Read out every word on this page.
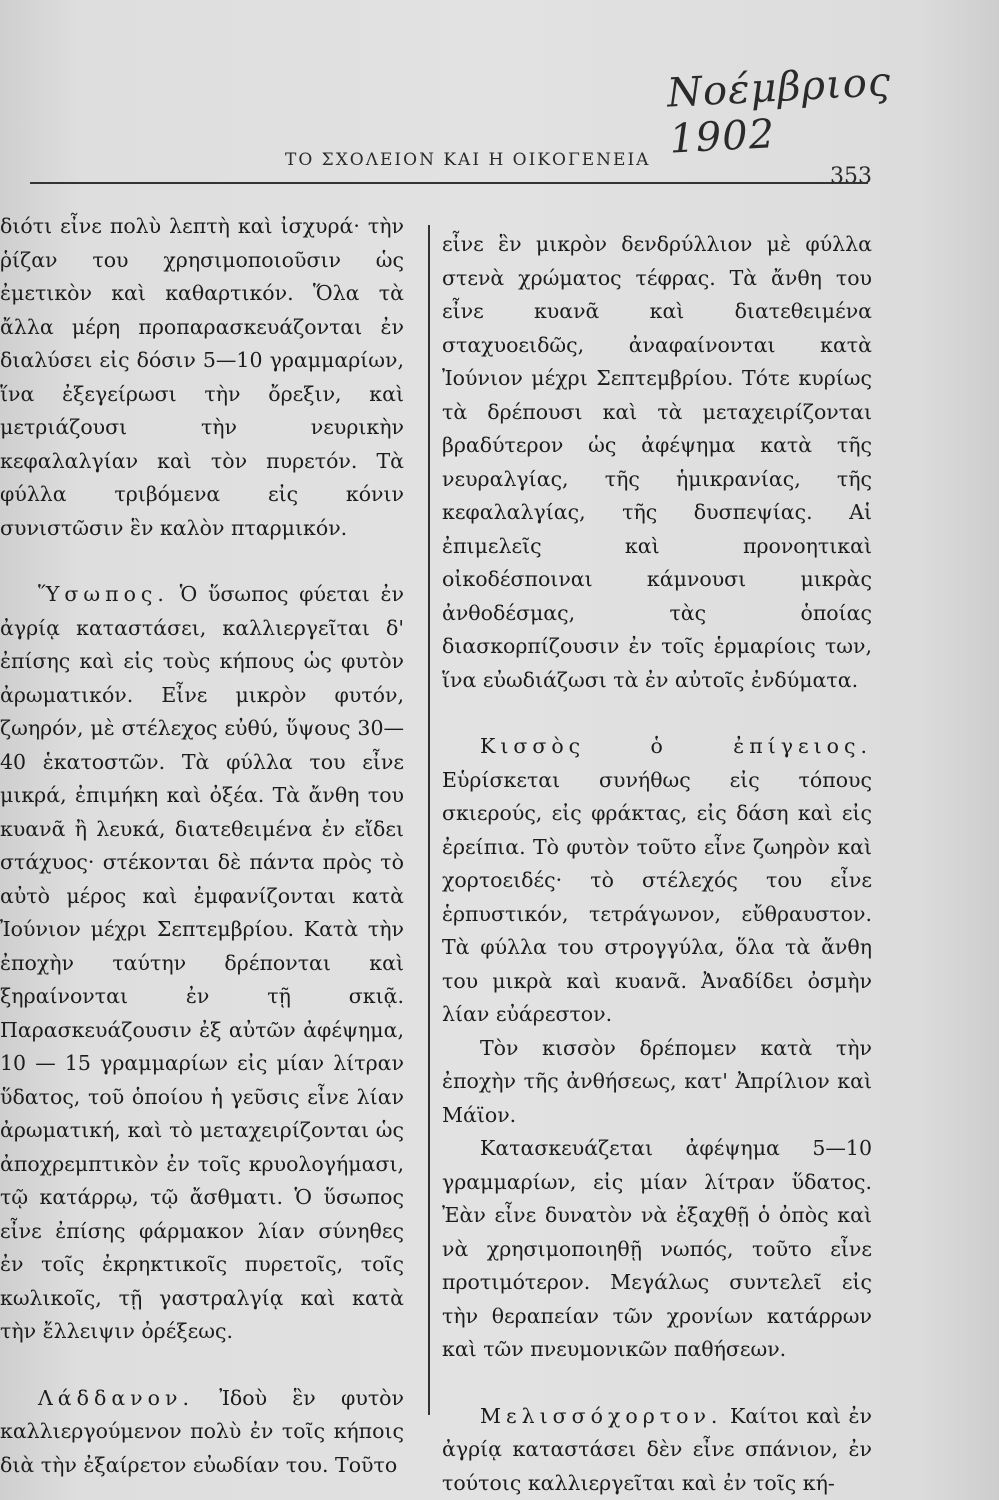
Νοέμβριος 1902
ΤΟ ΣΧΟΛΕΙΟΝ ΚΑΙ Η ΟΙΚΟΓΕΝΕΙΑ
353

διότι εἶνε πολὺ λεπτὴ καὶ ἰσχυρά· τὴν ῥίζαν του χρησιμοποιοῦσιν ὡς ἐμετικὸν καὶ καθαρτικόν. Ὅλα τὰ ἄλλα μέρη προπαρασκευάζονται ἐν διαλύσει εἰς δόσιν 5—10 γραμμαρίων, ἵνα ἐξεγείρωσι τὴν ὄρεξιν, καὶ μετριάζουσι τὴν νευρικὴν κεφαλαλγίαν καὶ τὸν πυρετόν. Τὰ φύλλα τριβόμενα εἰς κόνιν συνιστῶσιν ἓν καλὸν πταρμικόν.

Ὕσωπος. Ὁ ὕσωπος φύεται ἐν ἀγρίᾳ καταστάσει, καλλιεργεῖται δ' ἐπίσης καὶ εἰς τοὺς κήπους ὡς φυτὸν ἀρωματικόν. Εἶνε μικρὸν φυτόν, ζωηρόν, μὲ στέλεχος εὐθύ, ὕψους 30—40 ἑκατοστῶν. Τὰ φύλλα του εἶνε μικρά, ἐπιμήκη καὶ ὀξέα. Τὰ ἄνθη του κυανᾶ ἢ λευκά, διατεθειμένα ἐν εἴδει στάχυος· στέκονται δὲ πάντα πρὸς τὸ αὐτὸ μέρος καὶ ἐμφανίζονται κατὰ Ἰούνιον μέχρι Σεπτεμβρίου. Κατὰ τὴν ἐποχὴν ταύτην δρέπονται καὶ ξηραίνονται ἐν τῇ σκιᾷ. Παρασκευάζουσιν ἐξ αὐτῶν ἀφέψημα, 10 — 15 γραμμαρίων εἰς μίαν λίτραν ὕδατος, τοῦ ὁποίου ἡ γεῦσις εἶνε λίαν ἀρωματική, καὶ τὸ μεταχειρίζονται ὡς ἀποχρεμπτικὸν ἐν τοῖς κρυολογήμασι, τῷ κατάρρῳ, τῷ ἄσθματι. Ὁ ὕσωπος εἶνε ἐπίσης φάρμακον λίαν σύνηθες ἐν τοῖς ἐκρηκτικοῖς πυρετοῖς, τοῖς κωλικοῖς, τῇ γαστραλγίᾳ καὶ κατὰ τὴν ἔλλειψιν ὀρέξεως.

Λάδδανον. Ἰδοὺ ἓν φυτὸν καλλιεργούμενον πολὺ ἐν τοῖς κήποις διὰ τὴν ἐξαίρετον εὐωδίαν του. Τοῦτο

εἶνε ἓν μικρὸν δενδρύλλιον μὲ φύλλα στενὰ χρώματος τέφρας. Τὰ ἄνθη του εἶνε κυανᾶ καὶ διατεθειμένα σταχυοειδῶς, ἀναφαίνονται κατὰ Ἰούνιον μέχρι Σεπτεμβρίου. Τότε κυρίως τὰ δρέπουσι καὶ τὰ μεταχειρίζονται βραδύτερον ὡς ἀφέψημα κατὰ τῆς νευραλγίας, τῆς ἡμικρανίας, τῆς κεφαλαλγίας, τῆς δυσπεψίας. Αἱ ἐπιμελεῖς καὶ προνοητικαὶ οἰκοδέσποιναι κάμνουσι μικρὰς ἀνθοδέσμας, τὰς ὁποίας διασκορπίζουσιν ἐν τοῖς ἑρμαρίοις των, ἵνα εὐωδιάζωσι τὰ ἐν αὐτοῖς ἐνδύματα.

Κισσὸς ὁ ἐπίγειος. Εὑρίσκεται συνήθως εἰς τόπους σκιερούς, εἰς φράκτας, εἰς δάση καὶ εἰς ἐρείπια. Τὸ φυτὸν τοῦτο εἶνε ζωηρὸν καὶ χορτοειδές· τὸ στέλεχός του εἶνε ἑρπυστικόν, τετράγωνον, εὔθραυστον. Τὰ φύλλα του στρογγύλα, ὅλα τὰ ἄνθη του μικρὰ καὶ κυανᾶ. Ἀναδίδει ὀσμὴν λίαν εὐάρεστον.

Τὸν κισσὸν δρέπομεν κατὰ τὴν ἐποχὴν τῆς ἀνθήσεως, κατ' Ἀπρίλιον καὶ Μάϊον.

Κατασκευάζεται ἀφέψημα 5—10 γραμμαρίων, εἰς μίαν λίτραν ὕδατος. Ἐὰν εἶνε δυνατὸν νὰ ἐξαχθῇ ὁ ὀπὸς καὶ νὰ χρησιμοποιηθῇ νωπός, τοῦτο εἶνε προτιμότερον. Μεγάλως συντελεῖ εἰς τὴν θεραπείαν τῶν χρονίων κατάρρων καὶ τῶν πνευμονικῶν παθήσεων.

Μελισσόχορτον. Καίτοι καὶ ἐν ἀγρίᾳ καταστάσει δὲν εἶνε σπάνιον, ἐν τούτοις καλλιεργεῖται καὶ ἐν τοῖς κή-
